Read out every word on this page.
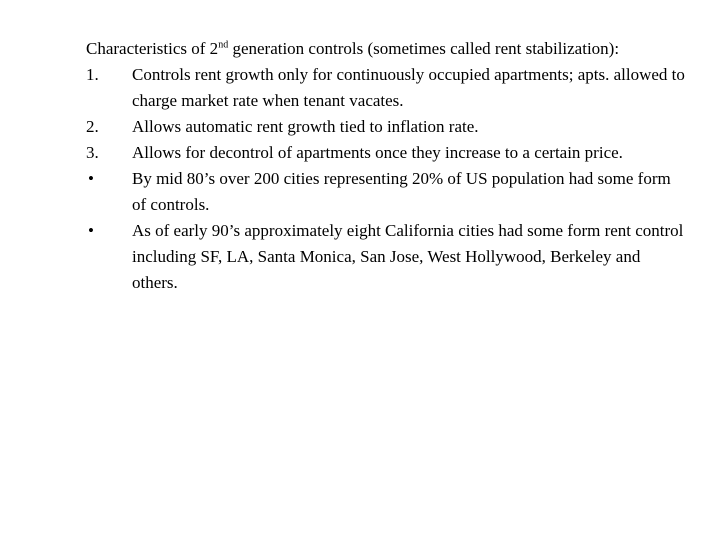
Characteristics of 2nd generation controls (sometimes called rent stabilization):
1.	Controls rent growth only for continuously occupied apartments; apts. allowed to charge market rate when tenant vacates.
2.	Allows automatic rent growth tied to inflation rate.
3.	Allows for decontrol of apartments once they increase to a certain price.
•	By mid 80’s over 200 cities representing 20% of US population had some form of controls.
•	As of early 90’s approximately eight California cities had some form rent control including SF, LA, Santa Monica, San Jose, West Hollywood, Berkeley and others.
